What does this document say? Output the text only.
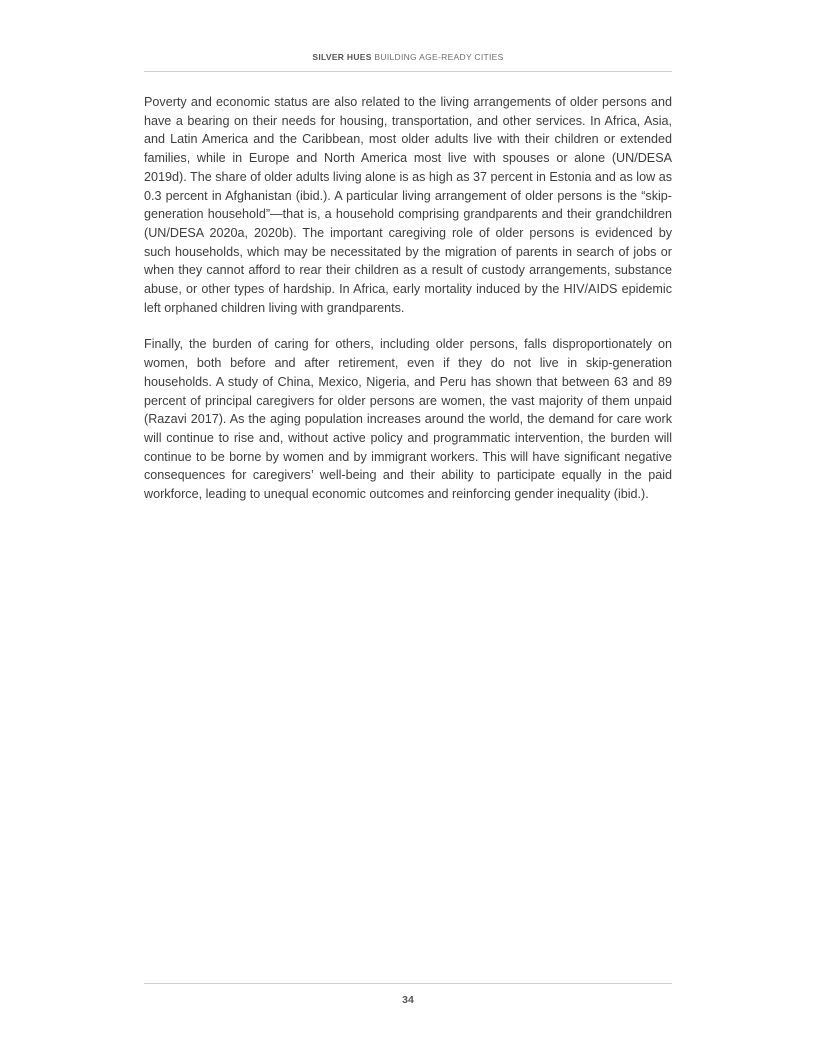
SILVER HUES BUILDING AGE-READY CITIES

Poverty and economic status are also related to the living arrangements of older persons and have a bearing on their needs for housing, transportation, and other services. In Africa, Asia, and Latin America and the Caribbean, most older adults live with their children or extended families, while in Europe and North America most live with spouses or alone (UN/DESA 2019d). The share of older adults living alone is as high as 37 percent in Estonia and as low as 0.3 percent in Afghanistan (ibid.). A particular living arrangement of older persons is the “skip-generation household”—that is, a household comprising grandparents and their grandchildren (UN/DESA 2020a, 2020b). The important caregiving role of older persons is evidenced by such households, which may be necessitated by the migration of parents in search of jobs or when they cannot afford to rear their children as a result of custody arrangements, substance abuse, or other types of hardship. In Africa, early mortality induced by the HIV/AIDS epidemic left orphaned children living with grandparents.

Finally, the burden of caring for others, including older persons, falls disproportionately on women, both before and after retirement, even if they do not live in skip-generation households. A study of China, Mexico, Nigeria, and Peru has shown that between 63 and 89 percent of principal caregivers for older persons are women, the vast majority of them unpaid (Razavi 2017). As the aging population increases around the world, the demand for care work will continue to rise and, without active policy and programmatic intervention, the burden will continue to be borne by women and by immigrant workers. This will have significant negative consequences for caregivers’ well-being and their ability to participate equally in the paid workforce, leading to unequal economic outcomes and reinforcing gender inequality (ibid.).

34
